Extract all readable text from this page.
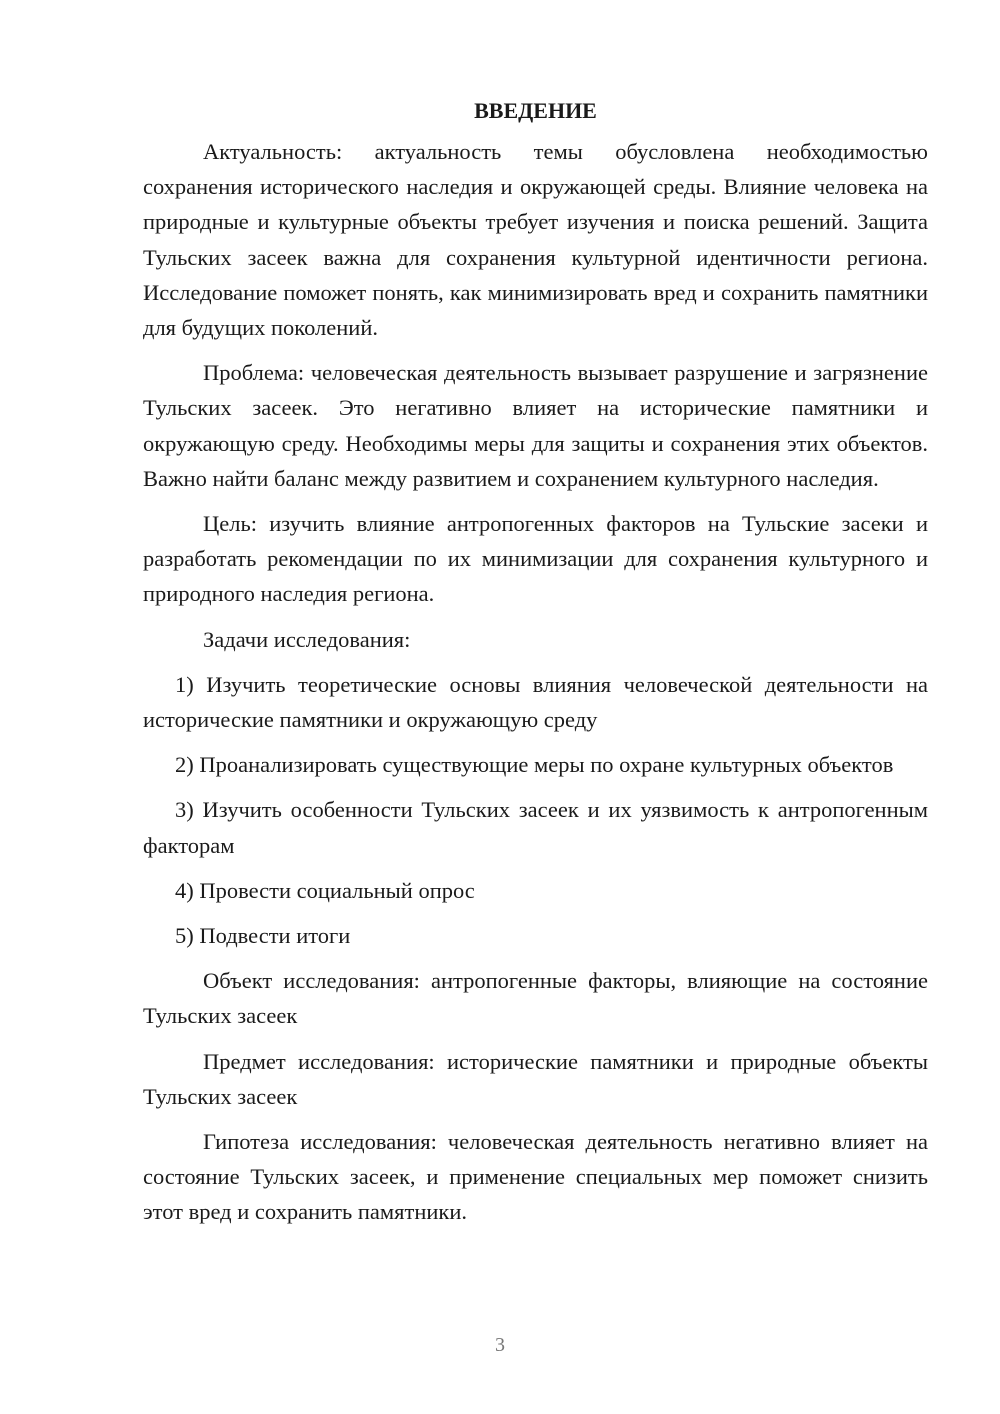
ВВЕДЕНИЕ

Актуальность: актуальность темы обусловлена необходимостью сохранения исторического наследия и окружающей среды. Влияние человека на природные и культурные объекты требует изучения и поиска решений. Защита Тульских засеек важна для сохранения культурной идентичности региона. Исследование поможет понять, как минимизировать вред и сохранить памятники для будущих поколений.

Проблема: человеческая деятельность вызывает разрушение и загрязнение Тульских засеек. Это негативно влияет на исторические памятники и окружающую среду. Необходимы меры для защиты и сохранения этих объектов. Важно найти баланс между развитием и сохранением культурного наследия.

Цель: изучить влияние антропогенных факторов на Тульские засеки и разработать рекомендации по их минимизации для сохранения культурного и природного наследия региона.

Задачи исследования:

1) Изучить теоретические основы влияния человеческой деятельности на исторические памятники и окружающую среду

2) Проанализировать существующие меры по охране культурных объектов

3) Изучить особенности Тульских засеек и их уязвимость к антропогенным факторам

4) Провести социальный опрос

5) Подвести итоги

Объект исследования: антропогенные факторы, влияющие на состояние Тульских засеек

Предмет исследования: исторические памятники и природные объекты Тульских засеек

Гипотеза исследования: человеческая деятельность негативно влияет на состояние Тульских засеек, и применение специальных мер поможет снизить этот вред и сохранить памятники.

3
